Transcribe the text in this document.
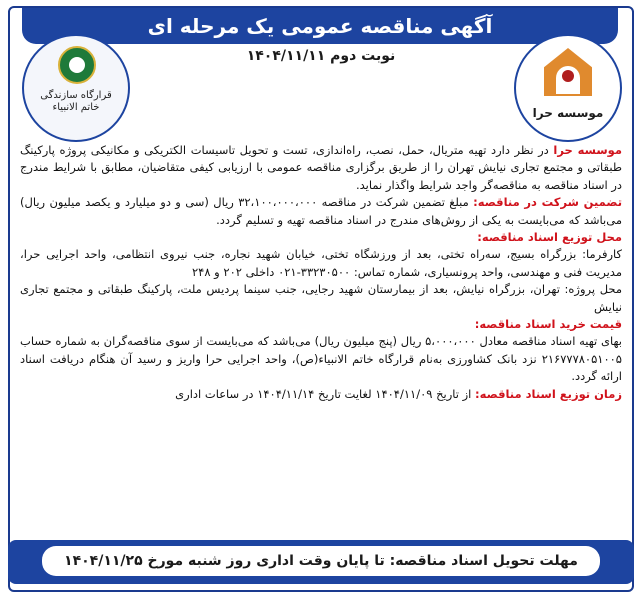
آگهی مناقصه عمومی یک مرحله ای
نوبت دوم ۱۴۰۴/۱۱/۱۱
قرارگاه سازندگی خاتم الانبیاء	موسسه حرا

موسسه حرا در نظر دارد تهیه متریال، حمل، نصب، راه‌اندازی، تست و تحویل تاسیسات الکتریکی و مکانیکی پروژه پارکینگ طبقاتی و مجتمع تجاری نیایش تهران را از طریق برگزاری مناقصه عمومی با ارزیابی کیفی متقاضیان، مطابق با شرایط مندرج در اسناد مناقصه به مناقصه‌گر واجد شرایط واگذار نماید.

تضمین شرکت در مناقصه: مبلغ تضمین شرکت در مناقصه ۳۲،۱۰۰،۰۰۰،۰۰۰ ریال (سی و دو میلیارد و یکصد میلیون ریال) می‌باشد که می‌بایست به یکی از روش‌های مندرج در اسناد مناقصه تهیه و تسلیم گردد.

محل توزیع اسناد مناقصه:

کارفرما: بزرگراه بسیج، سه‌راه تختی، بعد از ورزشگاه تختی، خیابان شهید نجاره، جنب نیروی انتظامی، واحد اجرایی حرا، مدیریت فنی و مهندسی، واحد پرونسیاری، شماره تماس: ۳۳۲۳۰۵۰۰-۰۲۱ داخلی ۲۰۲ و ۲۴۸

محل پروژه: تهران، بزرگراه نیایش، بعد از بیمارستان شهید رجایی، جنب سینما پردیس ملت، پارکینگ طبقاتی و مجتمع تجاری نیایش

قیمت خرید اسناد مناقصه:

بهای تهیه اسناد مناقصه معادل ۵،۰۰۰،۰۰۰ ریال (پنج میلیون ریال) می‌باشد که می‌بایست از سوی مناقصه‌گران به شماره حساب ۲۱۶۷۷۷۸۰۵۱۰۰۵ نزد بانک کشاورزی به‌نام قرارگاه خاتم الانبیاء(ص)، واحد اجرایی حرا واریز و رسید آن هنگام دریافت اسناد ارائه گردد.

زمان توزیع اسناد مناقصه: از تاریخ ۱۴۰۴/۱۱/۰۹ لغایت تاریخ ۱۴۰۴/۱۱/۱۴ در ساعات اداری

مهلت تحویل اسناد مناقصه: تا پایان وقت اداری روز شنبه مورخ ۱۴۰۴/۱۱/۲۵
